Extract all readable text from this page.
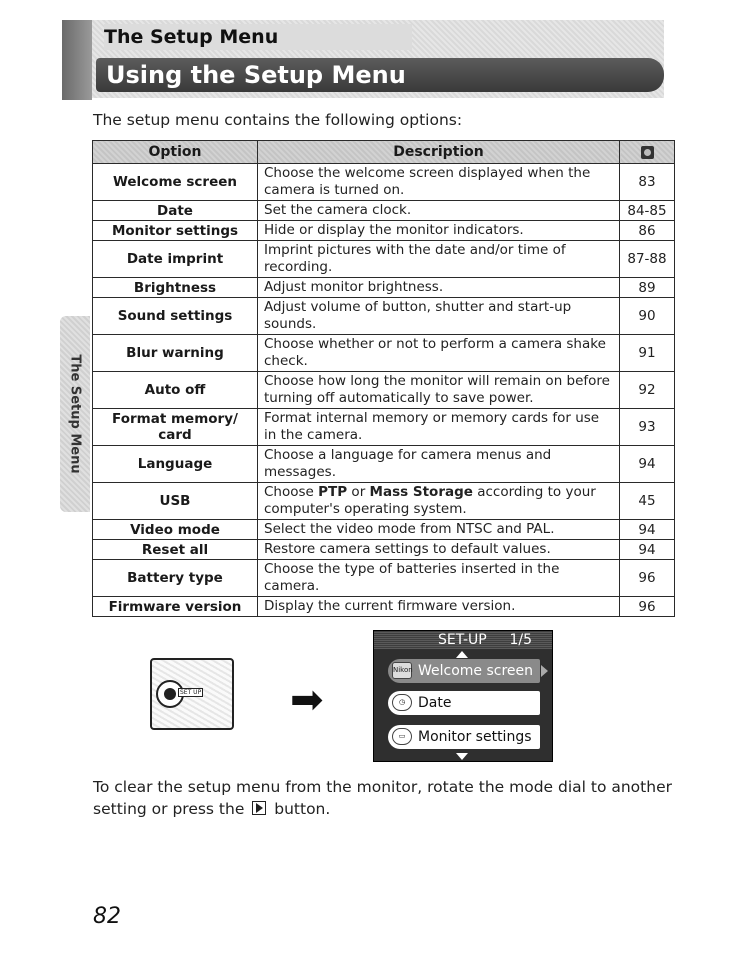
The Setup Menu
Using the Setup Menu
The setup menu contains the following options:
The Setup Menu
Option	Description	
Welcome screen	Choose the welcome screen displayed when the camera is turned on.	83
Date	Set the camera clock.	84-85
Monitor settings	Hide or display the monitor indicators.	86
Date imprint	Imprint pictures with the date and/or time of recording.	87-88
Brightness	Adjust monitor brightness.	89
Sound settings	Adjust volume of button, shutter and start-up sounds.	90
Blur warning	Choose whether or not to perform a camera shake check.	91
Auto off	Choose how long the monitor will remain on before turning off automatically to save power.	92
Format memory/ card	Format internal memory or memory cards for use in the camera.	93
Language	Choose a language for camera menus and messages.	94
USB	Choose PTP or Mass Storage according to your computer's operating system.	45
Video mode	Select the video mode from NTSC and PAL.	94
Reset all	Restore camera settings to default values.	94
Battery type	Choose the type of batteries inserted in the camera.	96
Firmware version	Display the current firmware version.	96
SET UP ➡
SET-UP 1/5
Nikon Welcome screen
◷ Date
▭ Monitor settings
To clear the setup menu from the monitor, rotate the mode dial to another setting or press the button.
82
